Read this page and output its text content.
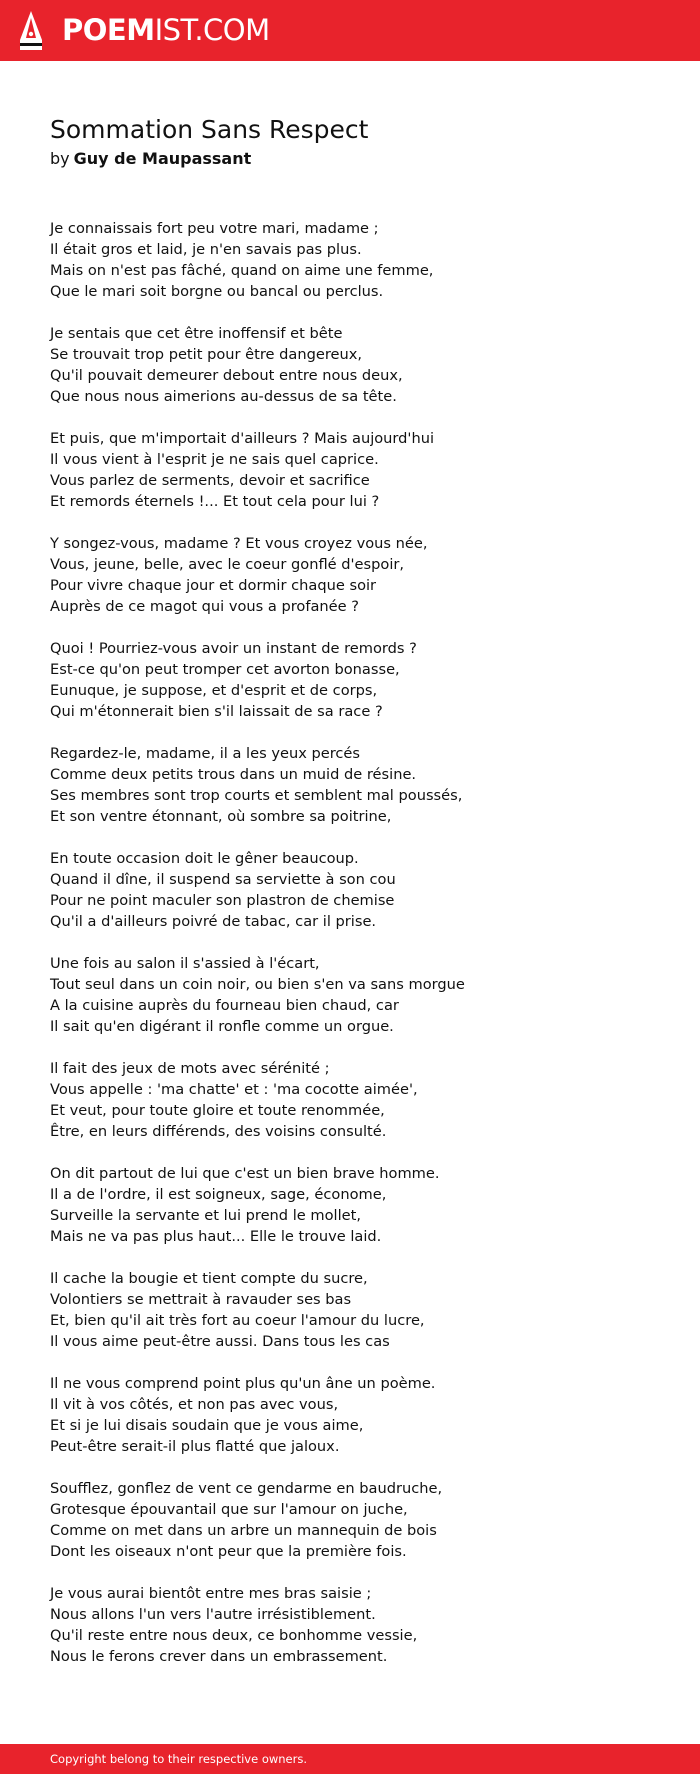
POEMIST.COM
Sommation Sans Respect
by Guy de Maupassant

Je connaissais fort peu votre mari, madame ;
Il était gros et laid, je n'en savais pas plus.
Mais on n'est pas fâché, quand on aime une femme,
Que le mari soit borgne ou bancal ou perclus.

Je sentais que cet être inoffensif et bête
Se trouvait trop petit pour être dangereux,
Qu'il pouvait demeurer debout entre nous deux,
Que nous nous aimerions au-dessus de sa tête.

Et puis, que m'importait d'ailleurs ? Mais aujourd'hui
Il vous vient à l'esprit je ne sais quel caprice.
Vous parlez de serments, devoir et sacrifice
Et remords éternels !... Et tout cela pour lui ?

Y songez-vous, madame ? Et vous croyez vous née,
Vous, jeune, belle, avec le coeur gonflé d'espoir,
Pour vivre chaque jour et dormir chaque soir
Auprès de ce magot qui vous a profanée ?

Quoi ! Pourriez-vous avoir un instant de remords ?
Est-ce qu'on peut tromper cet avorton bonasse,
Eunuque, je suppose, et d'esprit et de corps,
Qui m'étonnerait bien s'il laissait de sa race ?

Regardez-le, madame, il a les yeux percés
Comme deux petits trous dans un muid de résine.
Ses membres sont trop courts et semblent mal poussés,
Et son ventre étonnant, où sombre sa poitrine,

En toute occasion doit le gêner beaucoup.
Quand il dîne, il suspend sa serviette à son cou
Pour ne point maculer son plastron de chemise
Qu'il a d'ailleurs poivré de tabac, car il prise.

Une fois au salon il s'assied à l'écart,
Tout seul dans un coin noir, ou bien s'en va sans morgue
A la cuisine auprès du fourneau bien chaud, car
Il sait qu'en digérant il ronfle comme un orgue.

Il fait des jeux de mots avec sérénité ;
Vous appelle : 'ma chatte' et : 'ma cocotte aimée',
Et veut, pour toute gloire et toute renommée,
Être, en leurs différends, des voisins consulté.

On dit partout de lui que c'est un bien brave homme.
Il a de l'ordre, il est soigneux, sage, économe,
Surveille la servante et lui prend le mollet,
Mais ne va pas plus haut... Elle le trouve laid.

Il cache la bougie et tient compte du sucre,
Volontiers se mettrait à ravauder ses bas
Et, bien qu'il ait très fort au coeur l'amour du lucre,
Il vous aime peut-être aussi. Dans tous les cas

Il ne vous comprend point plus qu'un âne un poème.
Il vit à vos côtés, et non pas avec vous,
Et si je lui disais soudain que je vous aime,
Peut-être serait-il plus flatté que jaloux.

Soufflez, gonflez de vent ce gendarme en baudruche,
Grotesque épouvantail que sur l'amour on juche,
Comme on met dans un arbre un mannequin de bois
Dont les oiseaux n'ont peur que la première fois.

Je vous aurai bientôt entre mes bras saisie ;
Nous allons l'un vers l'autre irrésistiblement.
Qu'il reste entre nous deux, ce bonhomme vessie,
Nous le ferons crever dans un embrassement.

Copyright belong to their respective owners.
